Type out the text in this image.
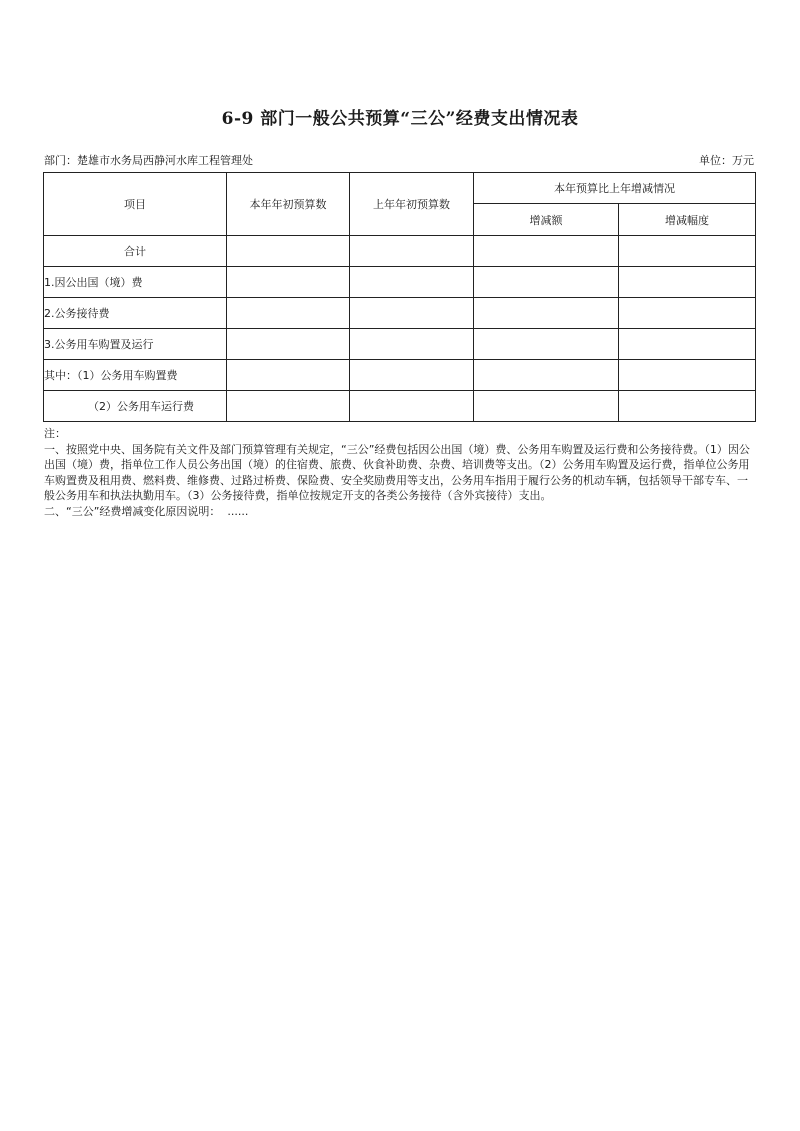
6-9 部门一般公共预算“三公”经费支出情况表
部门：楚雄市水务局西静河水库工程管理处	单位：万元
项目	本年年初预算数	上年年初预算数	本年预算比上年增减情况	
			增减额	增减幅度
合计				
1.因公出国（境）费				
2.公务接待费				
3.公务用车购置及运行				
其中：（1）公务用车购置费				
（2）公务用车运行费				

注：

一、按照党中央、国务院有关文件及部门预算管理有关规定，“三公”经费包括因公出国（境）费、公务用车购置及运行费和公务接待费。（1）因公出国（境）费，指单位工作人员公务出国（境）的住宿费、旅费、伙食补助费、杂费、培训费等支出。（2）公务用车购置及运行费，指单位公务用车购置费及租用费、燃料费、维修费、过路过桥费、保险费、安全奖励费用等支出，公务用车指用于履行公务的机动车辆，包括领导干部专车、一般公务用车和执法执勤用车。（3）公务接待费，指单位按规定开支的各类公务接待（含外宾接待）支出。

二、“三公”经费增减变化原因说明：  ......
